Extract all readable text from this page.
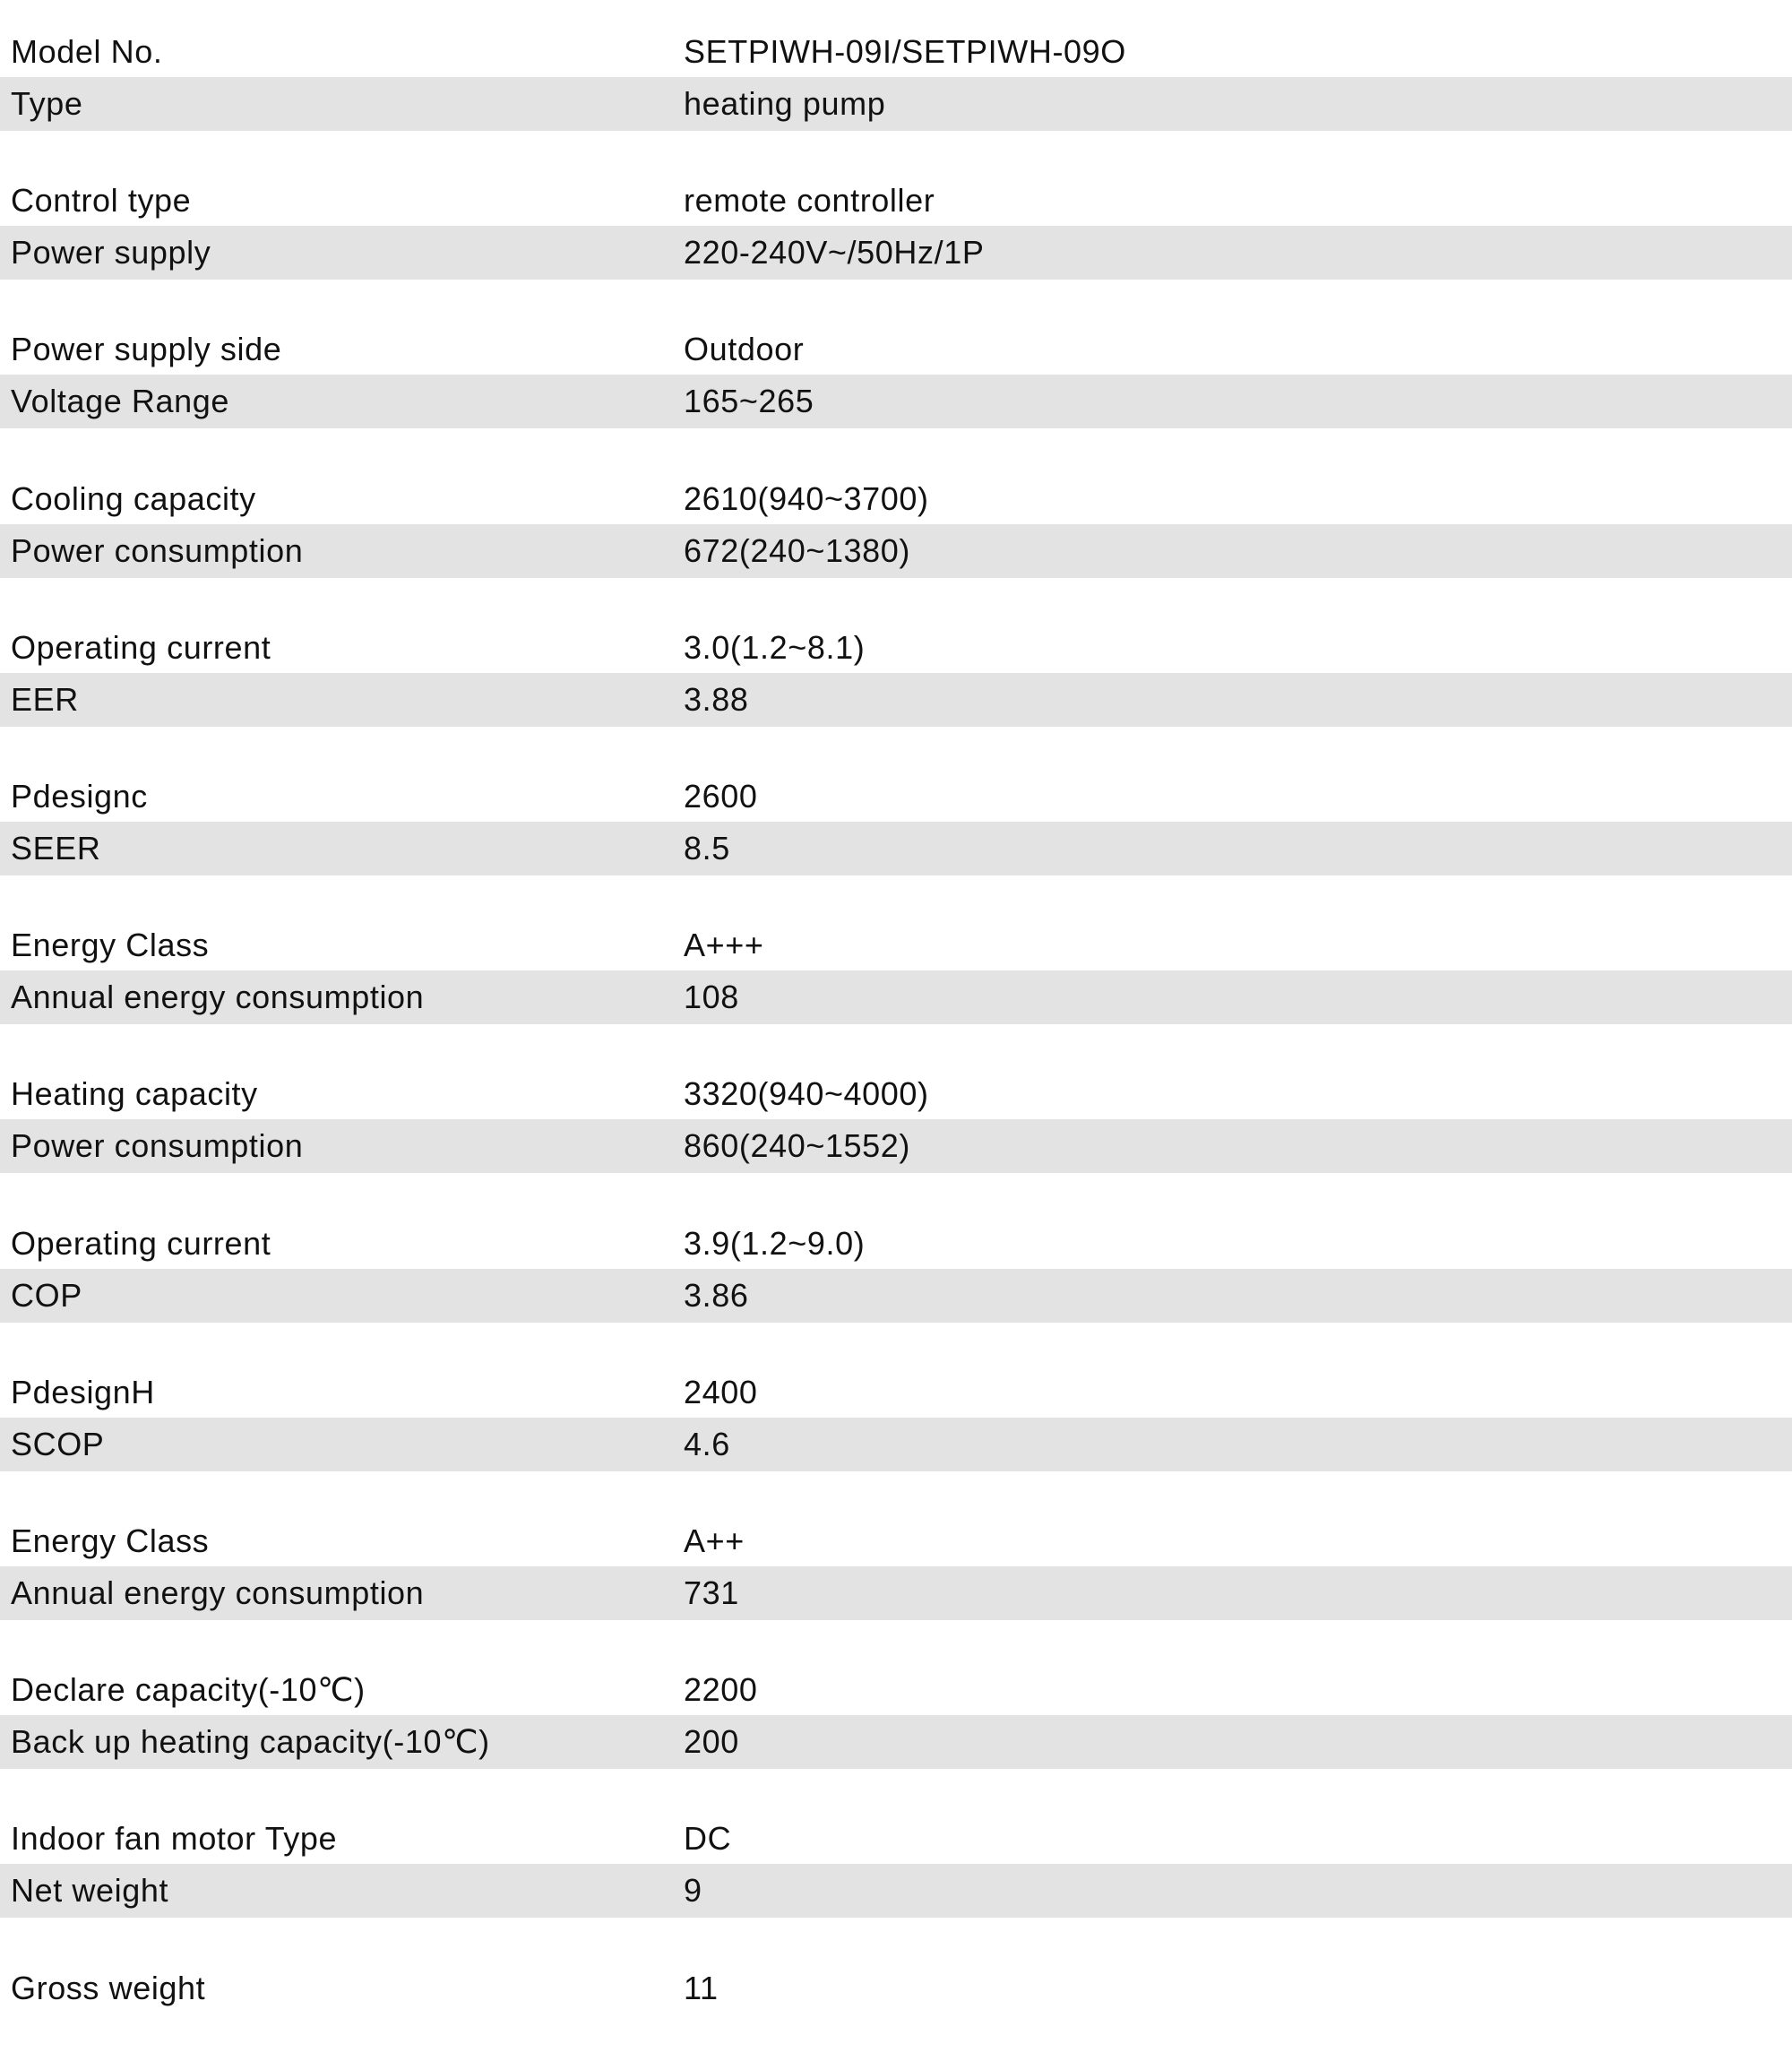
Model No.	SETPIWH-09I/SETPIWH-09O
Type	heating pump
Control type	remote controller
Power supply	220-240V~/50Hz/1P
Power supply side	Outdoor
Voltage Range	165~265
Cooling capacity	2610(940~3700)
Power consumption	672(240~1380)
Operating current	3.0(1.2~8.1)
EER	3.88
Pdesignc	2600
SEER	8.5
Energy Class	A+++
Annual energy consumption	108
Heating capacity	3320(940~4000)
Power consumption	860(240~1552)
Operating current	3.9(1.2~9.0)
COP	3.86
PdesignH	2400
SCOP	4.6
Energy Class	A++
Annual energy consumption	731
Declare capacity(-10℃)	2200
Back up heating capacity(-10℃)	200
Indoor fan motor Type	DC
Net weight	9
Gross weight	11
